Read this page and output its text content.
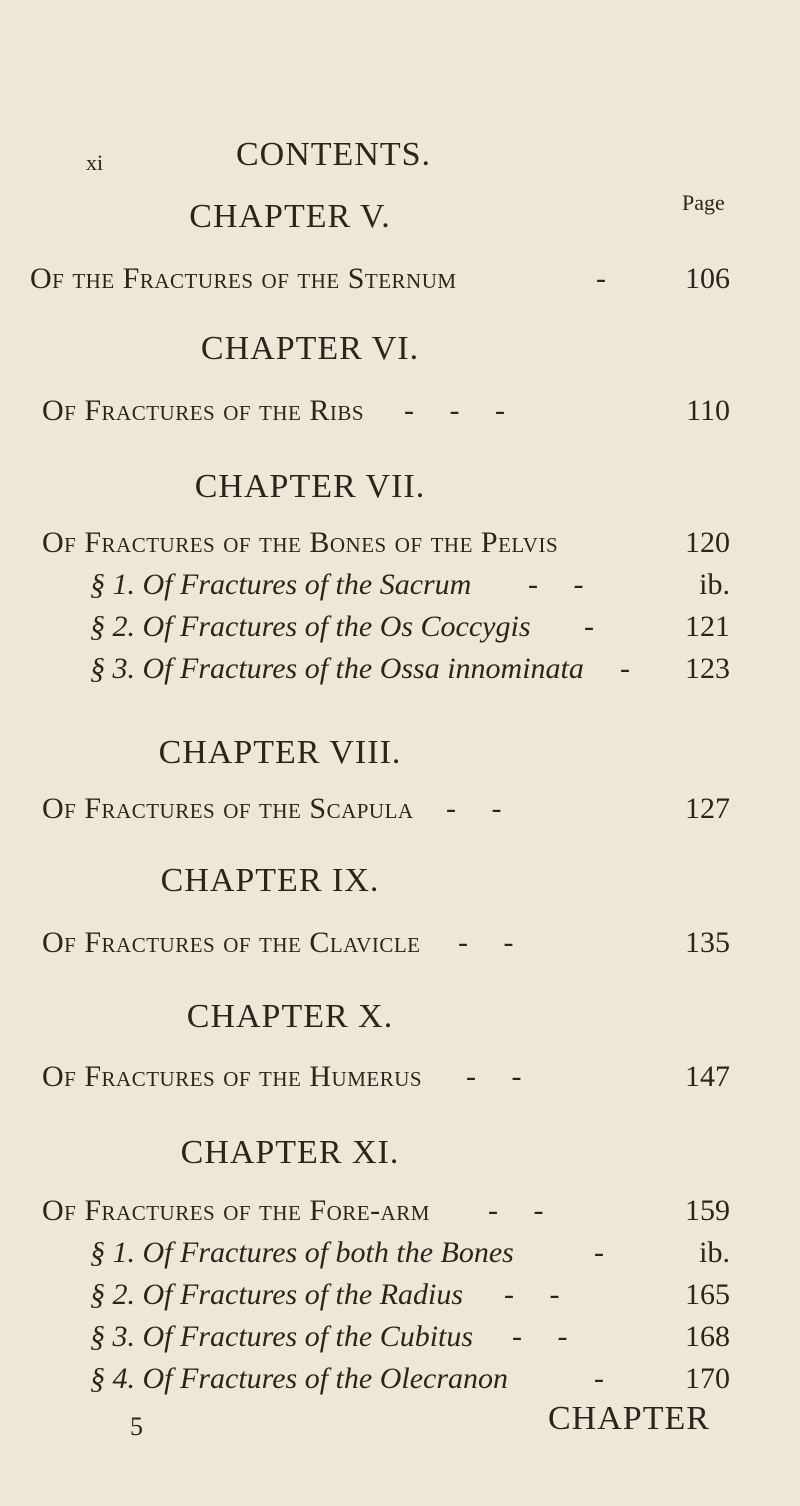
xi	CONTENTS.
Page
CHAPTER V.
Of the Fractures of the Sternum	-	106
CHAPTER VI.
Of Fractures of the Ribs - - -	110
CHAPTER VII.
Of Fractures of the Bones of the Pelvis	120
§ 1. Of Fractures of the Sacrum - -	ib.
§ 2. Of Fractures of the Os Coccygis -	121
§ 3. Of Fractures of the Ossa innominata -	123
CHAPTER VIII.
Of Fractures of the Scapula - -	127
CHAPTER IX.
Of Fractures of the Clavicle - -	135
CHAPTER X.
Of Fractures of the Humerus - -	147
CHAPTER XI.
Of Fractures of the Fore-arm - -	159
§ 1. Of Fractures of both the Bones	-	ib.
§ 2. Of Fractures of the Radius - -	165
§ 3. Of Fractures of the Cubitus - -	168
§ 4. Of Fractures of the Olecranon	-	170
5	CHAPTER
